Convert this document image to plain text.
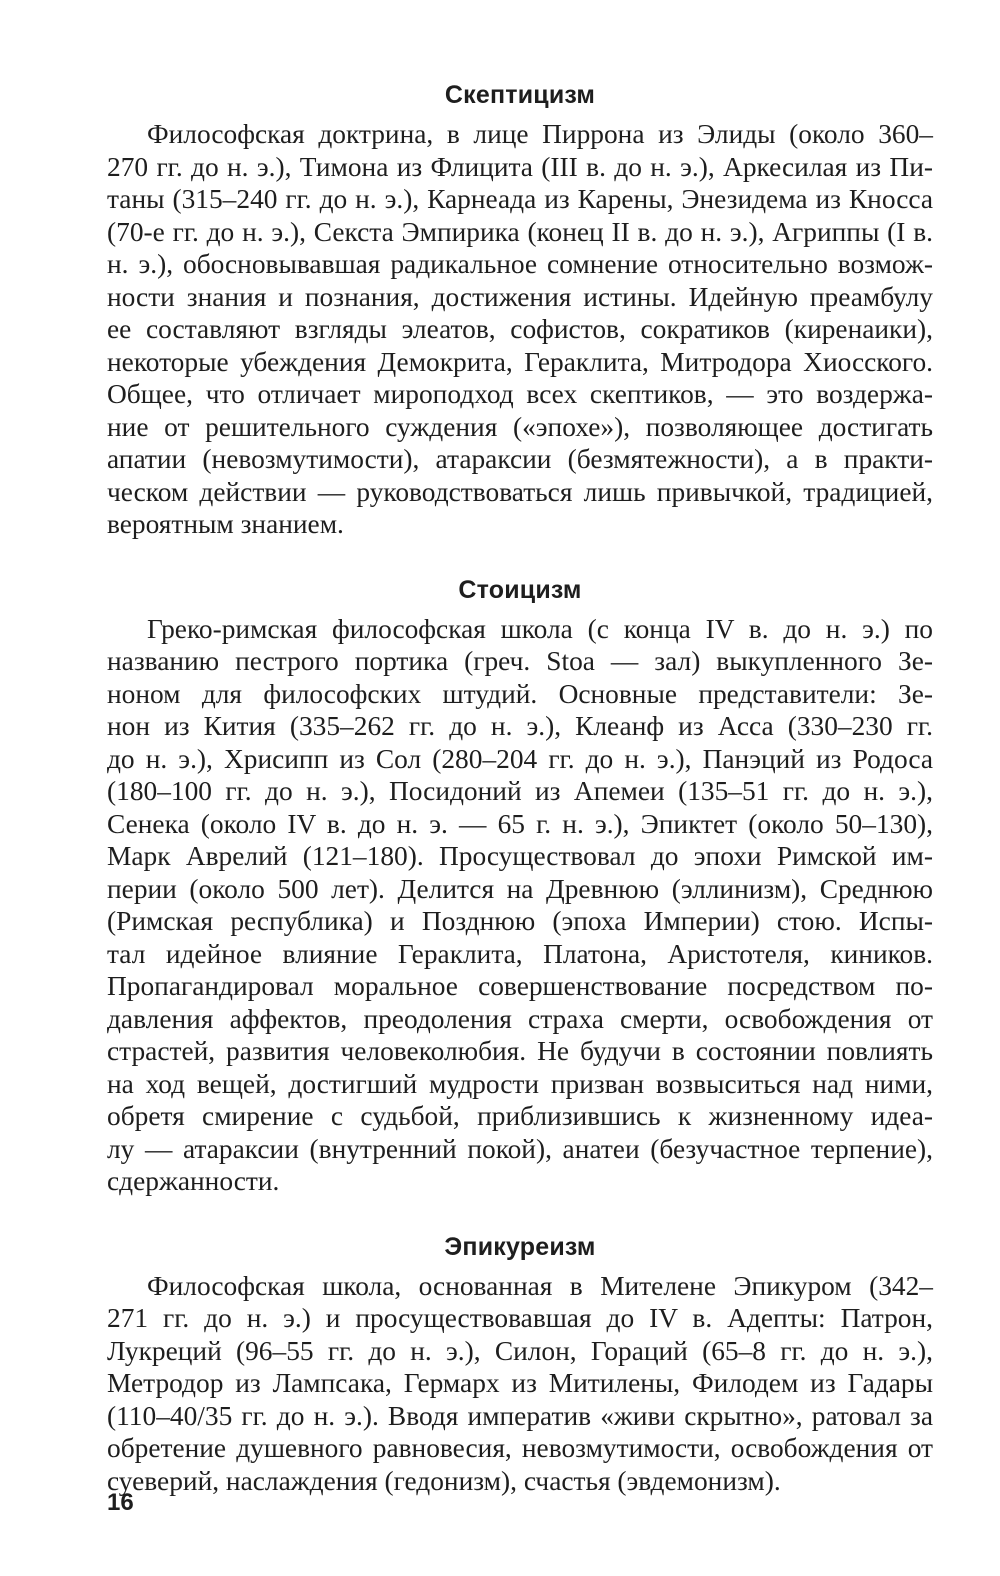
Скептицизм
Философская доктрина, в лице Пиррона из Элиды (около 360–
270 гг. до н. э.), Тимона из Флицита (III в. до н. э.), Аркесилая из Пи-
таны (315–240 гг. до н. э.), Карнеада из Карены, Энезидема из Кносса
(70-е гг. до н. э.), Секста Эмпирика (конец II в. до н. э.), Агриппы (I в.
н. э.), обосновывавшая радикальное сомнение относительно возмож-
ности знания и познания, достижения истины. Идейную преамбулу
ее составляют взгляды элеатов, софистов, сократиков (киренаики),
некоторые убеждения Демокрита, Гераклита, Митродора Хиосского.
Общее, что отличает мироподход всех скептиков, — это воздержа-
ние от решительного суждения («эпохе»), позволяющее достигать
апатии (невозмутимости), атараксии (безмятежности), а в практи-
ческом действии — руководствоваться лишь привычкой, традицией,
вероятным знанием.
Стоицизм
Греко-римская философская школа (с конца IV в. до н. э.) по
названию пестрого портика (греч. Stoa — зал) выкупленного Зе-
ноном для философских штудий. Основные представители: Зе-
нон из Кития (335–262 гг. до н. э.), Клеанф из Асса (330–230 гг.
до н. э.), Хрисипп из Сол (280–204 гг. до н. э.), Панэций из Родоса
(180–100 гг. до н. э.), Посидоний из Апемеи (135–51 гг. до н. э.),
Сенека (около IV в. до н. э. — 65 г. н. э.), Эпиктет (около 50–130),
Марк Аврелий (121–180). Просуществовал до эпохи Римской им-
перии (около 500 лет). Делится на Древнюю (эллинизм), Среднюю
(Римская республика) и Позднюю (эпоха Империи) стою. Испы-
тал идейное влияние Гераклита, Платона, Аристотеля, киников.
Пропагандировал моральное совершенствование посредством по-
давления аффектов, преодоления страха смерти, освобождения от
страстей, развития человеколюбия. Не будучи в состоянии повлиять
на ход вещей, достигший мудрости призван возвыситься над ними,
обретя смирение с судьбой, приблизившись к жизненному идеа-
лу — атараксии (внутренний покой), анатеи (безучастное терпение),
сдержанности.
Эпикуреизм
Философская школа, основанная в Мителене Эпикуром (342–
271 гг. до н. э.) и просуществовавшая до IV в. Адепты: Патрон,
Лукреций (96–55 гг. до н. э.), Силон, Гораций (65–8 гг. до н. э.),
Метродор из Лампсака, Гермарх из Митилены, Филодем из Гадары
(110–40/35 гг. до н. э.). Вводя императив «живи скрытно», ратовал за
обретение душевного равновесия, невозмутимости, освобождения от
суеверий, наслаждения (гедонизм), счастья (эвдемонизм).
16
